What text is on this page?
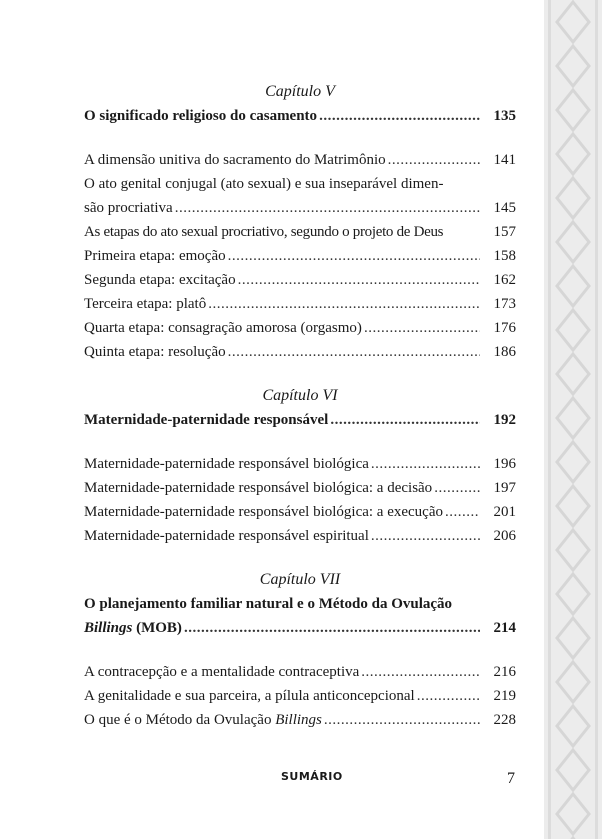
Capítulo V
O significado religioso do casamento .....	135
A dimensão unitiva do sacramento do Matrimônio .....	141
O ato genital conjugal (ato sexual) e sua inseparável dimen-
são procriativa .....	145
As etapas do ato sexual procriativo, segundo o projeto de Deus	157
Primeira etapa: emoção .....	158
Segunda etapa: excitação .....	162
Terceira etapa: platô .....	173
Quarta etapa: consagração amorosa (orgasmo) .....	176
Quinta etapa: resolução .....	186
Capítulo VI
Maternidade-paternidade responsável .....	192
Maternidade-paternidade responsável biológica .....	196
Maternidade-paternidade responsável biológica: a decisão .....	197
Maternidade-paternidade responsável biológica: a execução .....	201
Maternidade-paternidade responsável espiritual .....	206
Capítulo VII
O planejamento familiar natural e o Método da Ovulação
Billings (MOB) .....	214
A contracepção e a mentalidade contraceptiva .....	216
A genitalidade e sua parceira, a pílula anticoncepcional .....	219
O que é o Método da Ovulação Billings .....	228
SUMÁRIO	7
